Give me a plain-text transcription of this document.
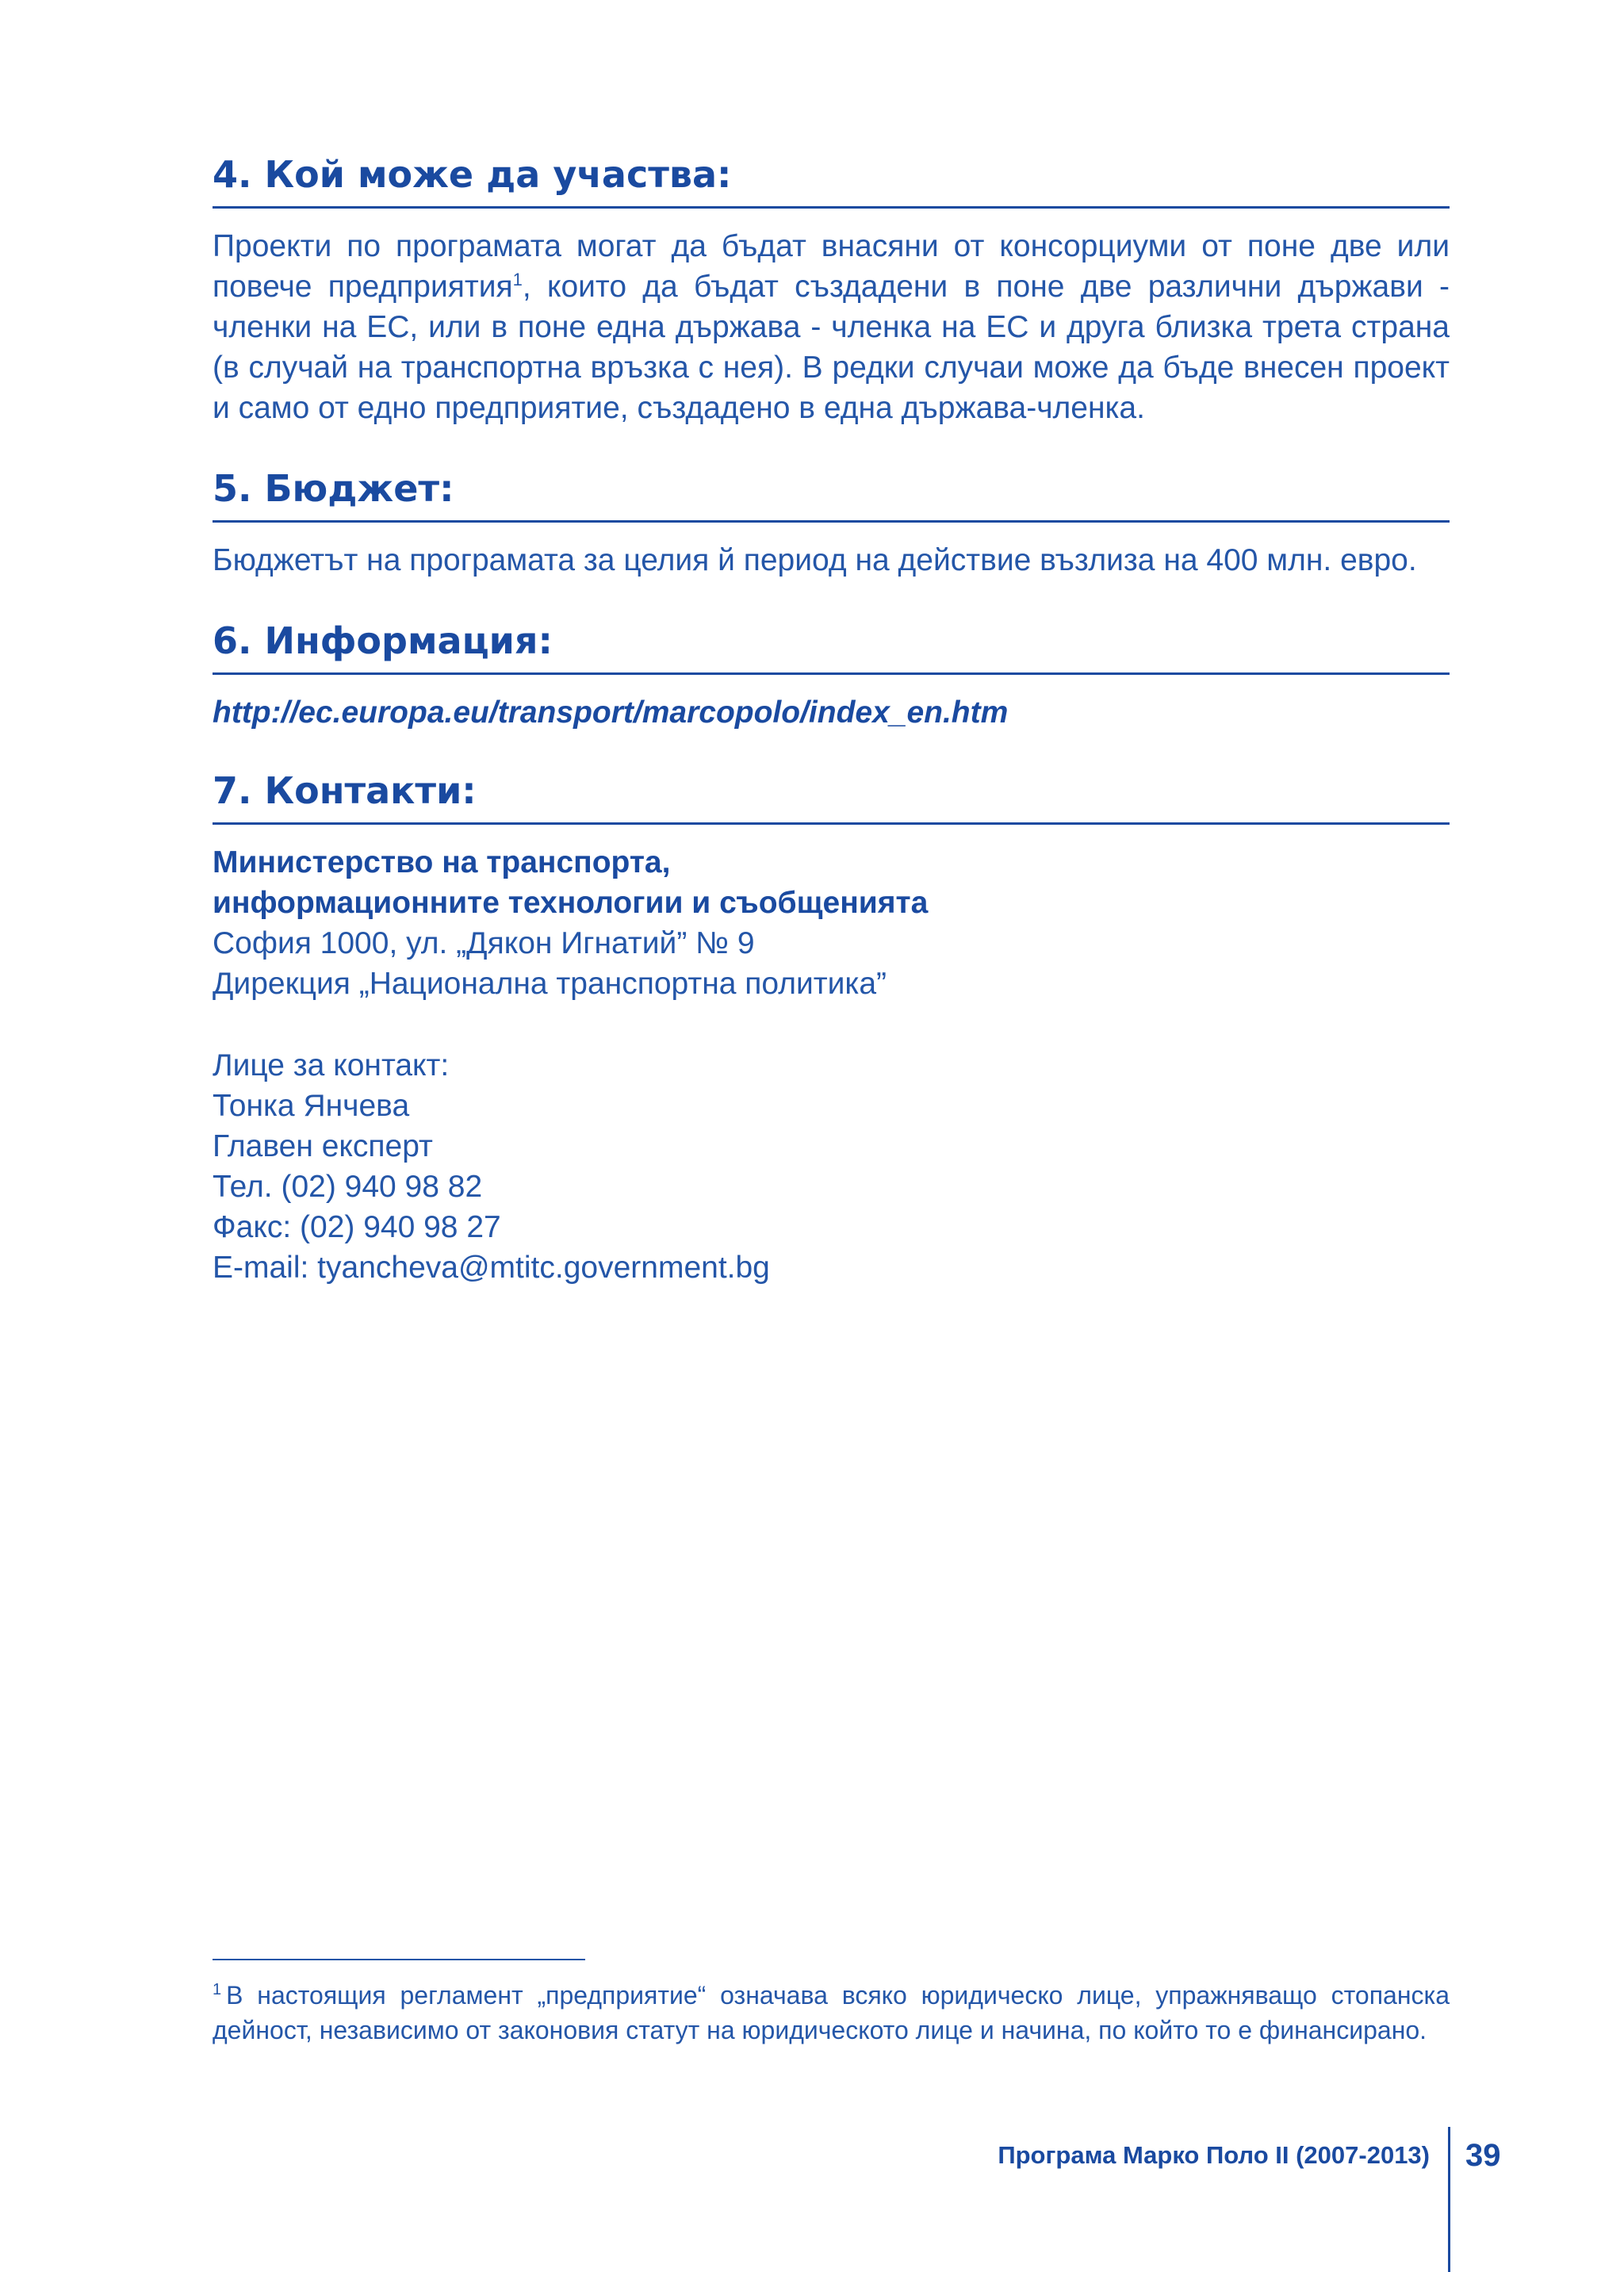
4. Кой може да участва:

Проекти по програмата могат да бъдат внасяни от консорциуми от поне две или повече предприятия$^1$, които да бъдат създадени в поне две различни държави - членки на ЕС, или в поне една държава - членка на ЕС и друга близка трета страна (в случай на транспортна връзка с нея). В редки случаи може да бъде внесен проект и само от едно предприятие, създадено в една държава-членка.

5. Бюджет:

Бюджетът на програмата за целия й период на действие възлиза на 400 млн. евро.

6. Информация:
http://ec.europa.eu/transport/marcopolo/index_en.htm
7. Контакти:
Министерство на транспорта,
информационните технологии и съобщенията
София 1000, ул. „Дякон Игнатий” № 9
Дирекция „Национална транспортна политика”
Лице за контакт:
Тонка Янчева
Главен експерт
Тел. (02) 940 98 82
Факс: (02) 940 98 27
E-mail: tyancheva@mtitc.government.bg
$^1$ В настоящия регламент „предприятие“ означава всяко юридическо лице, упражняващо стопанска дейност, независимо от законовия статут на юридическото лице и начина, по който то е финансирано.
Програма Марко Поло II (2007-2013) 39
